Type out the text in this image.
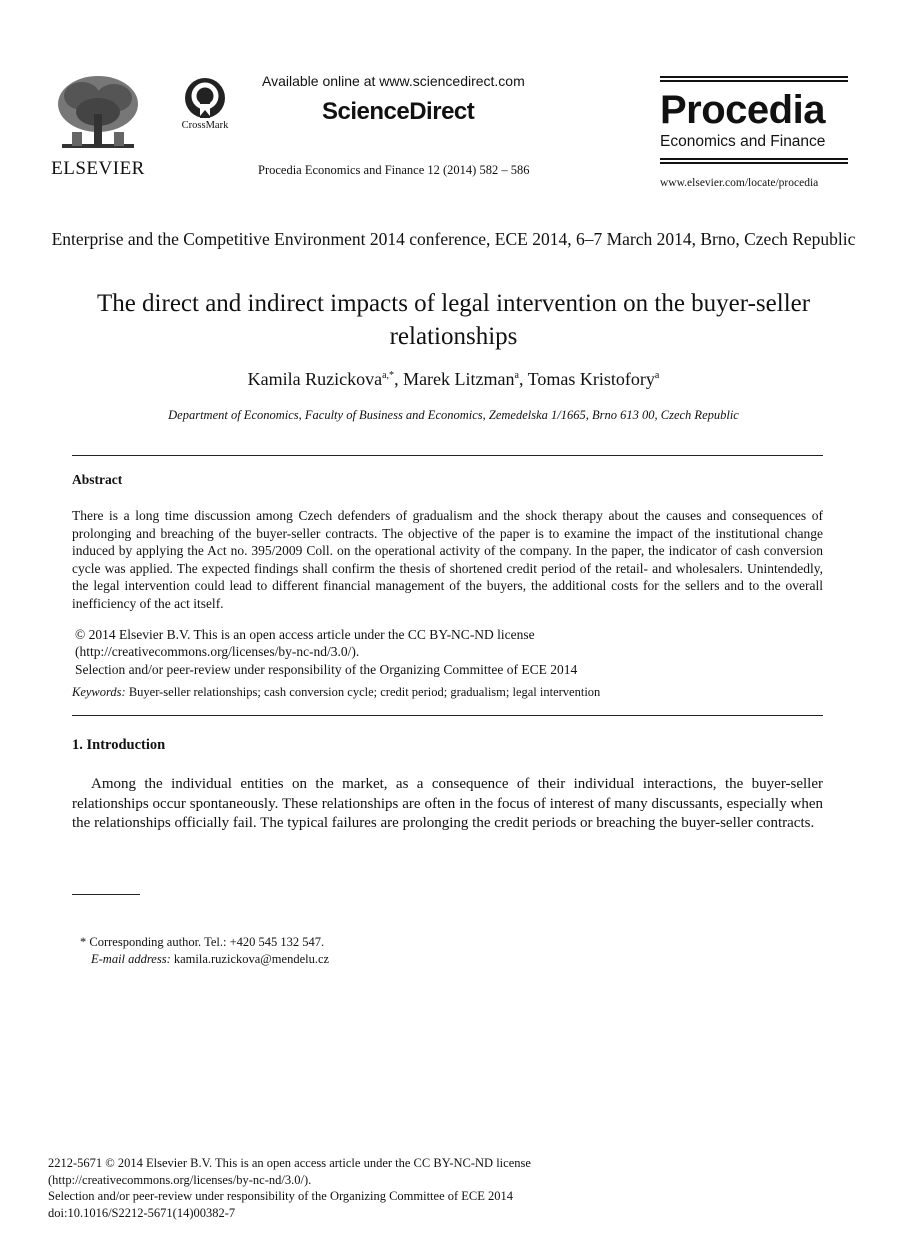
ELSEVIER
CrossMark
Available online at www.sciencedirect.com
ScienceDirect
Procedia Economics and Finance 12 (2014) 582 – 586
Procedia
Economics and Finance
www.elsevier.com/locate/procedia
Enterprise and the Competitive Environment 2014 conference, ECE 2014, 6–7 March 2014, Brno, Czech Republic
The direct and indirect impacts of legal intervention on the buyer-seller relationships
Kamila Ruzickova$^{a,*}$, Marek Litzman$^a$, Tomas Kristofory$^a$
Department of Economics, Faculty of Business and Economics, Zemedelska 1/1665, Brno 613 00, Czech Republic
Abstract
There is a long time discussion among Czech defenders of gradualism and the shock therapy about the causes and consequences of prolonging and breaching of the buyer-seller contracts. The objective of the paper is to examine the impact of the institutional change induced by applying the Act no. 395/2009 Coll. on the operational activity of the company. In the paper, the indicator of cash conversion cycle was applied. The expected findings shall confirm the thesis of shortened credit period of the retail- and wholesalers. Unintendedly, the legal intervention could lead to different financial management of the buyers, the additional costs for the sellers and to the overall inefficiency of the act itself.
© 2014 Elsevier B.V. This is an open access article under the CC BY-NC-ND license
(http://creativecommons.org/licenses/by-nc-nd/3.0/).
Selection and/or peer-review under responsibility of the Organizing Committee of ECE 2014
Keywords: Buyer-seller relationships; cash conversion cycle; credit period; gradualism; legal intervention
1. Introduction
Among the individual entities on the market, as a consequence of their individual interactions, the buyer-seller relationships occur spontaneously. These relationships are often in the focus of interest of many discussants, especially when the relationships officially fail. The typical failures are prolonging the credit periods or breaching the buyer-seller contracts.
* Corresponding author. Tel.: +420 545 132 547.
E-mail address: kamila.ruzickova@mendelu.cz
2212-5671 © 2014 Elsevier B.V. This is an open access article under the CC BY-NC-ND license
(http://creativecommons.org/licenses/by-nc-nd/3.0/).
Selection and/or peer-review under responsibility of the Organizing Committee of ECE 2014
doi:10.1016/S2212-5671(14)00382-7
